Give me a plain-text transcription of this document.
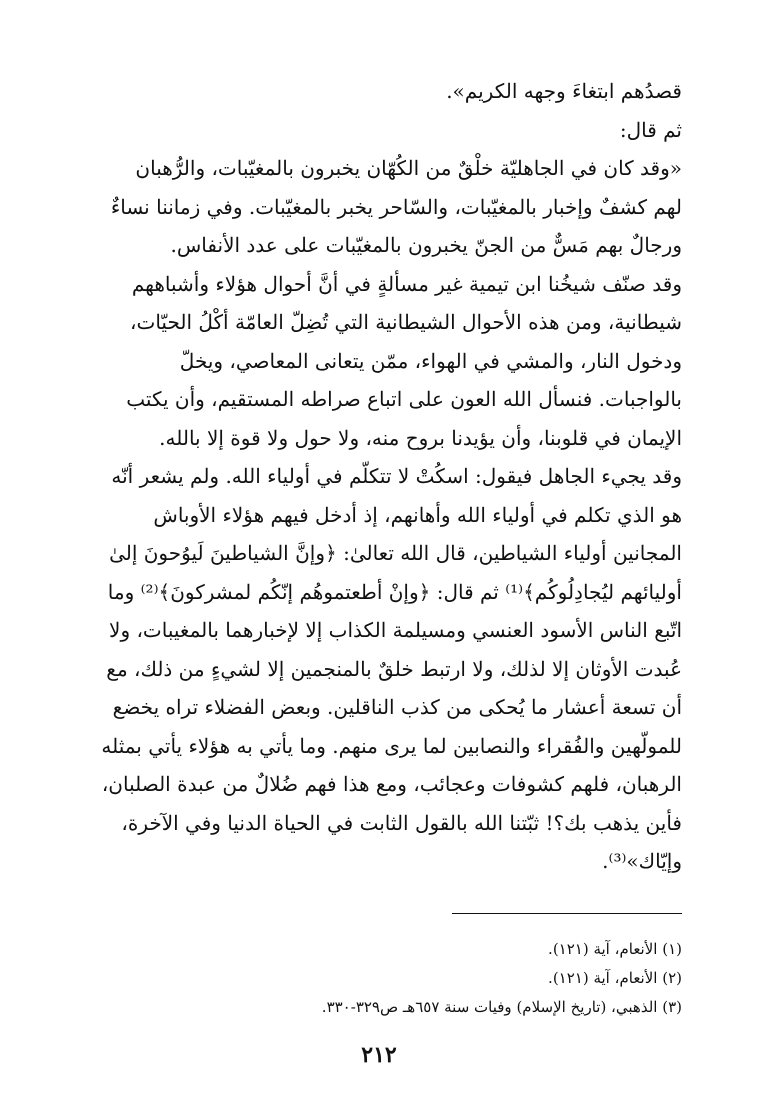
قصدُهم ابتغاءَ وجهه الكريم».
ثم قال:
«وقد كان في الجاهليّة خلْقٌ من الكُهّان يخبرون بالمغيّبات، والرُّهبان
لهم كشفٌ وإخبار بالمغيّبات، والسّاحر يخبر بالمغيّبات. وفي زماننا نساءٌ
ورجالٌ بهم مَسٌّ من الجنّ يخبرون بالمغيّبات على عدد الأنفاس.
وقد صنّف شيخُنا ابن تيمية غير مسألةٍ في أنَّ أحوال هؤلاء وأشباههم
شيطانية، ومن هذه الأحوال الشيطانية التي تُضِلّ العامّة أكْلُ الحيّات،
ودخول النار، والمشي في الهواء، ممّن يتعانى المعاصي، ويخلّ
بالواجبات. فنسأل الله العون على اتباع صراطه المستقيم، وأن يكتب
الإيمان في قلوبنا، وأن يؤيدنا بروح منه، ولا حول ولا قوة إلا بالله.
وقد يجيء الجاهل فيقول: اسكُتْ لا تتكلّم في أولياء الله. ولم يشعر أنّه
هو الذي تكلم في أولياء الله وأهانهم، إذ أدخل فيهم هؤلاء الأوباش
المجانين أولياء الشياطين، قال الله تعالىٰ: ﴿وإنَّ الشياطينَ لَيوُحونَ إلىٰ
أوليائهم ليُجادِلُوكُم﴾⁽¹⁾ ثم قال: ﴿وإنْ أطعتموهُم إنّكُم لمشركونَ﴾⁽²⁾ وما
اتّبع الناس الأسود العنسي ومسيلمة الكذاب إلا لإخبارهما بالمغيبات، ولا
عُبدت الأوثان إلا لذلك، ولا ارتبط خلقٌ بالمنجمين إلا لشيءٍ من ذلك، مع
أن تسعة أعشار ما يُحكى من كذب الناقلين. وبعض الفضلاء تراه يخضع
للمولّهين والفُقراء والنصابين لما يرى منهم. وما يأتي به هؤلاء يأتي بمثله
الرهبان، فلهم كشوفات وعجائب، ومع هذا فهم ضُلالٌ من عبدة الصلبان،
فأين يذهب بك؟! ثبّتنا الله بالقول الثابت في الحياة الدنيا وفي الآخرة،
وإيّاك»⁽³⁾.
(١) الأنعام، آية (١٢١).
(٢) الأنعام، آية (١٢١).
(٣) الذهبي، (تاريخ الإسلام) وفيات سنة ٦٥٧هـ ص٣٢٩-٣٣٠.
٢١٢
